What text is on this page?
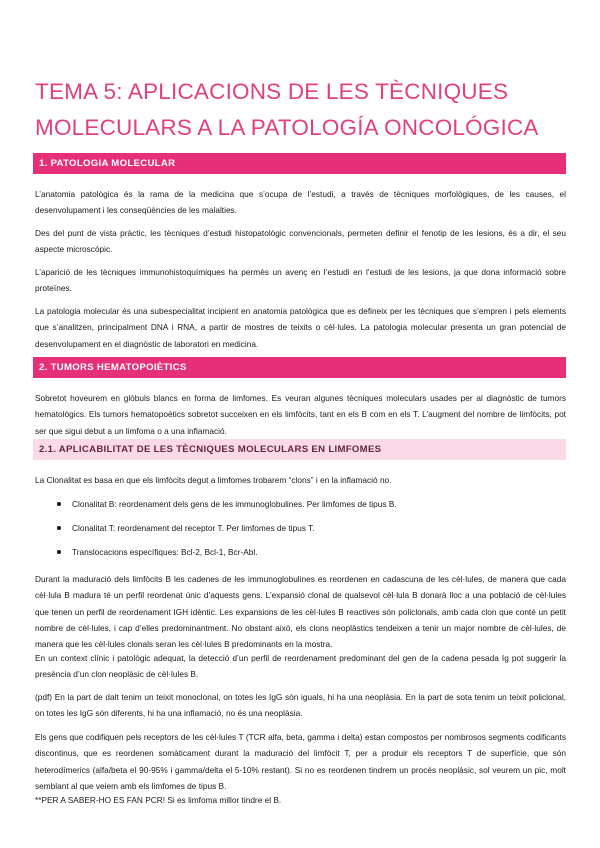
TEMA 5: APLICACIONS DE LES TÈCNIQUES
MOLECULARS A LA PATOLOGÍA ONCOLÓGICA
1. PATOLOGIA MOLECULAR

L’anatomia patològica és la rama de la medicina que s’ocupa de l’estudi, a través de tècniques morfològiques, de les causes, el desenvolupament i les conseqüències de les malalties.

Des del punt de vista pràctic, les tècniques d’estudi histopatològic convencionals, permeten definir el fenotip de les lesions, és a dir, el seu aspecte microscòpic.

L’aparició de les tècniques immunohistoquímiques ha permès un avenç en l’estudi en l’estudi de les lesions, ja que dona informació sobre proteïnes.

La patologia molecular és una subespecialitat incipient en anatomia patològica que es defineix per les tècniques que s’empren i pels elements que s’analitzen, principalment DNA i RNA, a partir de mostres de teixits o cèl·lules. La patologia molecular presenta un gran potencial de desenvolupament en el diagnòstic de laboratori en medicina.

2. TUMORS HEMATOPOIÈTICS

Sobretot hoveurem en glòbuls blancs en forma de limfomes. Es veuran algunes tècniques moleculars usades per al diagnòstic de tumors hematològics. Els tumors hematopoètics sobretot succeixen en els limfòcits, tant en els B com en els T. L’augment del nombre de limfòcits, pot ser que sigui debut a un limfoma o a una inflamació.

2.1. APLICABILITAT DE LES TÈCNIQUES MOLECULARS EN LIMFOMES

La Clonalitat es basa en que els limfòcits degut a limfomes trobarem “clons” i en la inflamació no.

Clonalitat B: reordenament dels gens de les immunoglobulines. Per limfomes de tipus B.
Clonalitat T: reordenament del receptor T. Per limfomes de tipus T.
Translocacions específiques: Bcl-2, Bcl-1, Bcr-Abl.

Durant la maduració dels limfòcits B les cadenes de les immunoglobulines es reordenen en cadascuna de les cèl·lules, de manera que cada cèl·lula B madura té un perfil reordenat únic d’aquests gens. L’expansió clonal de qualsevol cèl·lula B donarà lloc a una població de cèl·lules que tenen un perfil de reordenament IGH idèntic. Les expansions de les cèl·lules B reactives són policlonals, amb cada clon que conté un petit nombre de cèl·lules, i cap d’elles predominantment. No obstant això, els clons neoplàstics tendeixen a tenir un major nombre de cèl·lules, de manera que les cèl·lules clonals seran les cèl·lules B predominants en la mostra.

En un context clínic i patològic adequat, la detecció d’un perfil de reordenament predominant del gen de la cadena pesada Ig pot suggerir la presència d’un clon neoplàsic de cèl·lules B.

(pdf) En la part de dalt tenim un teixit monoclonal, on totes les IgG són iguals, hi ha una neoplàsia. En la part de sota tenim un teixit policlonal, on totes les IgG són diferents, hi ha una inflamació, no és una neoplàsia.

Els gens que codifiquen pels receptors de les cèl·lules T (TCR alfa, beta, gamma i delta) estan compostos per nombrosos segments codificants discontinus, que es reordenen somàticament durant la maduració del limfòcit T, per a produir els receptors T de superfície, que són heterodímerics (alfa/beta el 90-95% i gamma/delta el 5-10% restant). Si no es reordenen tindrem un procés neoplàsic, sol veurem un pic, molt semblant al que veiem amb els limfomes de tipus B.

**PER A SABER-HO ES FAN PCR! Si es limfoma millor tindre el B.
